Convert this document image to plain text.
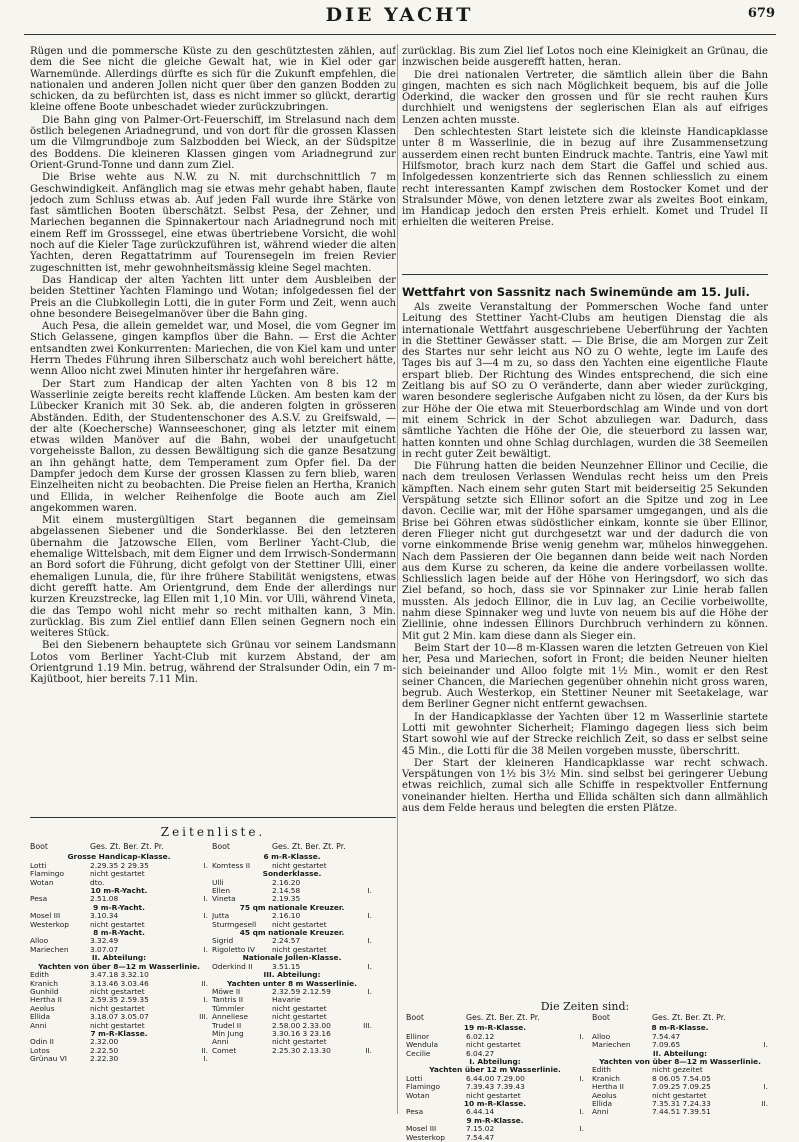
DIE YACHT	679

Rügen und die pommersche Küste zu den geschütztesten zählen, auf dem die See nicht die gleiche Gewalt hat, wie in Kiel oder gar Warnemünde. Allerdings dürfte es sich für die Zukunft empfehlen, die nationalen und anderen Jollen nicht quer über den ganzen Bodden zu schicken, da zu befürchten ist, dass es nicht immer so glückt, derartig kleine offene Boote unbeschadet wieder zurückzubringen.

Die Bahn ging von Palmer-Ort-Feuerschiff, im Strelasund nach dem östlich belegenen Ariadnegrund, und von dort für die grossen Klassen um die Vilmgrundboje zum Salzbodden bei Wieck, an der Südspitze des Boddens. Die kleineren Klassen gingen vom Ariadnegrund zur Orient-Grund-Tonne und dann zum Ziel.

Die Brise wehte aus N.W. zu N. mit durchschnittlich 7 m Geschwindigkeit. Anfänglich mag sie etwas mehr gehabt haben, flaute jedoch zum Schluss etwas ab. Auf jeden Fall wurde ihre Stärke von fast sämtlichen Booten überschätzt. Selbst Pesa, der Zehner, und Mariechen begannen die Spinnakertour nach Ariadnegrund noch mit einem Reff im Grosssegel, eine etwas übertriebene Vorsicht, die wohl noch auf die Kieler Tage zurückzuführen ist, während wieder die alten Yachten, deren Regattatrimm auf Tourensegeln im freien Revier zugeschnitten ist, mehr gewohnheitsmässig kleine Segel machten.

Das Handicap der alten Yachten litt unter dem Ausbleiben der beiden Stettiner Yachten Flamingo und Wotan; infolgedessen fiel der Preis an die Clubkollegin Lotti, die in guter Form und Zeit, wenn auch ohne besondere Beisegelmanöver über die Bahn ging.

Auch Pesa, die allein gemeldet war, und Mosel, die vom Gegner im Stich Gelassene, gingen kampflos über die Bahn. — Erst die Achter entsandten zwei Konkurrenten: Mariechen, die von Kiel kam und unter Herrn Thedes Führung ihren Silberschatz auch wohl bereichert hätte, wenn Alloo nicht zwei Minuten hinter ihr hergefahren wäre.

Der Start zum Handicap der alten Yachten von 8 bis 12 m Wasserlinie zeigte bereits recht klaffende Lücken. Am besten kam der Lübecker Kranich mit 30 Sek. ab, die anderen folgten in grösseren Abständen. Edith, der Studentenschoner des A.S.V. zu Greifswald, — der alte (Koechersche) Wannseeschoner, ging als letzter mit einem etwas wilden Manöver auf die Bahn, wobei der unaufgetucht vorgeheisste Ballon, zu dessen Bewältigung sich die ganze Besatzung an ihn gehängt hatte, dem Temperament zum Opfer fiel. Da der Dampfer jedoch dem Kurse der grossen Klassen zu fern blieb, waren Einzelheiten nicht zu beobachten. Die Preise fielen an Hertha, Kranich und Ellida, in welcher Reihenfolge die Boote auch am Ziel angekommen waren.

Mit einem mustergültigen Start begannen die gemeinsam abgelassenen Siebener und die Sonderklasse. Bei den letzteren übernahm die Jatzowsche Ellen, vom Berliner Yacht-Club, die ehemalige Wittelsbach, mit dem Eigner und dem Irrwisch-Sondermann an Bord sofort die Führung, dicht gefolgt von der Stettiner Ulli, einer ehemaligen Lunula, die, für ihre frühere Stabilität wenigstens, etwas dicht gerefft hatte. Am Orientgrund, dem Ende der allerdings nur kurzen Kreuzstrecke, lag Ellen mit 1,10 Min. vor Ulli, während Vineta, die das Tempo wohl nicht mehr so recht mithalten kann, 3 Min. zurücklag. Bis zum Ziel entlief dann Ellen seinen Gegnern noch ein weiteres Stück.

Bei den Siebenern behauptete sich Grünau vor seinem Landsmann Lotos vom Berliner Yacht-Club mit kurzem Abstand, der am Orientgrund 1.19 Min. betrug, während der Stralsunder Odin, ein 7 m-Kajütboot, hier bereits 7.11 Min.

zurücklag. Bis zum Ziel lief Lotos noch eine Kleinigkeit an Grünau, die inzwischen beide ausgerefft hatten, heran.

Die drei nationalen Vertreter, die sämtlich allein über die Bahn gingen, machten es sich nach Möglichkeit bequem, bis auf die Jolle Oderkind, die wacker den grossen und für sie recht rauhen Kurs durchhielt und wenigstens der seglerischen Elan als auf eifriges Lenzen achten musste.

Den schlechtesten Start leistete sich die kleinste Handicapklasse unter 8 m Wasserlinie, die in bezug auf ihre Zusammensetzung ausserdem einen recht bunten Eindruck machte. Tantris, eine Yawl mit Hilfsmotor, brach kurz nach dem Start die Gaffel und schied aus. Infolgedessen konzentrierte sich das Rennen schliesslich zu einem recht interessanten Kampf zwischen dem Rostocker Komet und der Stralsunder Möwe, von denen letztere zwar als zweites Boot einkam, im Handicap jedoch den ersten Preis erhielt. Komet und Trudel II erhielten die weiteren Preise.

Wettfahrt von Sassnitz nach Swinemünde am 15. Juli.

Als zweite Veranstaltung der Pommerschen Woche fand unter Leitung des Stettiner Yacht-Clubs am heutigen Dienstag die als internationale Wettfahrt ausgeschriebene Ueberführung der Yachten in die Stettiner Gewässer statt. — Die Brise, die am Morgen zur Zeit des Startes nur sehr leicht aus NO zu O wehte, legte im Laufe des Tages bis auf 3—4 m zu, so dass den Yachten eine eigentliche Flaute erspart blieb. Der Richtung des Windes entsprechend, die sich eine Zeitlang bis auf SO zu O veränderte, dann aber wieder zurückging, waren besondere seglerische Aufgaben nicht zu lösen, da der Kurs bis zur Höhe der Oie etwa mit Steuerbordschlag am Winde und von dort mit einem Schrick in der Schot abzuliegen war. Dadurch, dass sämtliche Yachten die Höhe der Oie, die steuerbord zu lassen war, hatten konnten und ohne Schlag durchlagen, wurden die 38 Seemeilen in recht guter Zeit bewältigt.

Die Führung hatten die beiden Neunzehner Ellinor und Cecilie, die nach dem treulosen Verlassen Wendulas recht heiss um den Preis kämpften. Nach einem sehr guten Start mit beiderseitig 25 Sekunden Verspätung setzte sich Ellinor sofort an die Spitze und zog in Lee davon. Cecilie war, mit der Höhe sparsamer umgegangen, und als die Brise bei Göhren etwas südöstlicher einkam, konnte sie über Ellinor, deren Flieger nicht gut durchgesetzt war und der dadurch die von vorne einkommende Brise wenig genehm war, mühelos hinweggehen. Nach dem Passieren der Oie begannen dann beide weit nach Norden aus dem Kurse zu scheren, da keine die andere vorbeilassen wollte. Schliesslich lagen beide auf der Höhe von Heringsdorf, wo sich das Ziel befand, so hoch, dass sie vor Spinnaker zur Linie herab fallen mussten. Als jedoch Ellinor, die in Luv lag, an Cecilie vorbeiwollte, nahm diese Spinnaker weg und luvte von neuem bis auf die Höhe der Ziellinie, ohne indessen Ellinors Durchbruch verhindern zu können. Mit gut 2 Min. kam diese dann als Sieger ein.

Beim Start der 10—8 m-Klassen waren die letzten Getreuen von Kiel her, Pesa und Mariechen, sofort in Front; die beiden Neuner hielten sich beieinander und Alloo folgte mit 1½ Min., womit er den Rest seiner Chancen, die Mariechen gegenüber ohnehin nicht gross waren, begrub. Auch Westerkop, ein Stettiner Neuner mit Seetakelage, war dem Berliner Gegner nicht entfernt gewachsen.

In der Handicapklasse der Yachten über 12 m Wasserlinie startete Lotti mit gewohnter Sicherheit; Flamingo dagegen liess sich beim Start sowohl wie auf der Strecke reichlich Zeit, so dass er selbst seine 45 Min., die Lotti für die 38 Meilen vorgeben musste, überschritt.

Der Start der kleineren Handicapklasse war recht schwach. Verspätungen von 1½ bis 3½ Min. sind selbst bei geringerer Uebung etwas reichlich, zumal sich alle Schiffe in respektvoller Entfernung voneinander hielten. Hertha und Ellida schälten sich dann allmählich aus dem Felde heraus und belegten die ersten Plätze.

Zeitenliste.
Boot	Ges. Zt. Ber. Zt. Pr.
Grosse Handicap-Klasse.
Lotti	2.29.35 2 29.35	I.
Flamingo	nicht gestartet
Wotan	dto.
10 m-R-Yacht.
Pesa	2.51.08	I.
9 m-R-Yacht.
Mosel III	3.10.34	I.
Westerkop	nicht gestartet
8 m-R-Yacht.
Alloo	3.32.49
Mariechen	3.07.07	I.
II. Abteilung:
Yachten von über 8—12 m Wasserlinie.
Edith	3.47.18 3.32.10
Kranich	3.13.46 3.03.46	II.
Gunhild	nicht gestartet
Hertha II	2.59.35 2.59.35	I.
Aeolus	nicht gestartet
Ellida	3.18.07 3.05.07	III.
Anni	nicht gestartet
7 m-R-Klasse.
Odin II	2.32.00
Lotos	2.22.50	II.
Grünau VI	2.22.30	I.
Boot	Ges. Zt. Ber. Zt. Pr.
6 m-R-Klasse.
Komtess II	nicht gestartet
Sonderklasse.
Ulli	2.16.20
Ellen	2.14.58	I.
Vineta	2.19.35
75 qm nationale Kreuzer.
Jutta	2.16.10	I.
Sturmgesell	nicht gestartet
45 qm nationale Kreuzer.
Sigrid	2.24.57	I.
Rigoletto IV	nicht gestartet
Nationale Jollen-Klasse.
Oderkind II	3.51.15	I.
III. Abteilung:
Yachten unter 8 m Wasserlinie.
Möwe II	2.32.59 2.12.59	I.
Tantris II	Havarie
Tümmler	nicht gestartet
Anneliese	nicht gestartet
Trudel II	2.58.00 2.33.00	III.
Min Jung	3.30.16 3 23.16
Anni	nicht gestartet
Comet	2.25.30 2.13.30	II.
Die Zeiten sind:
Boot	Ges. Zt. Ber. Zt. Pr.
19 m-R-Klasse.
Ellinor	6.02.12	I.
Wendula	nicht gestartet
Cecilie	6.04.27
I. Abteilung:
Yachten über 12 m Wasserlinie.
Lotti	6.44.00 7.29.00	I.
Flamingo	7.39.43 7.39.43
Wotan	nicht gestartet
10 m-R-Klasse.
Pesa	6.44.14	I.
9 m-R-Klasse.
Mosel III	7.15.02	I.
Westerkop	7.54.47
Boot	Ges. Zt. Ber. Zt. Pr.
8 m-R-Klasse.
Alloo	7.54.47
Mariechen	7.09.65	I.
II. Abteilung:
Yachten von über 8—12 m Wasserlinie.
Edith	nicht gezeitet
Kranich	8 06.05 7.54.05
Hertha II	7.09.25 7.09.25	I.
Aeolus	nicht gestartet
Ellida	7.35.31 7.24.33	II.
Anni	7.44.51 7.39.51
